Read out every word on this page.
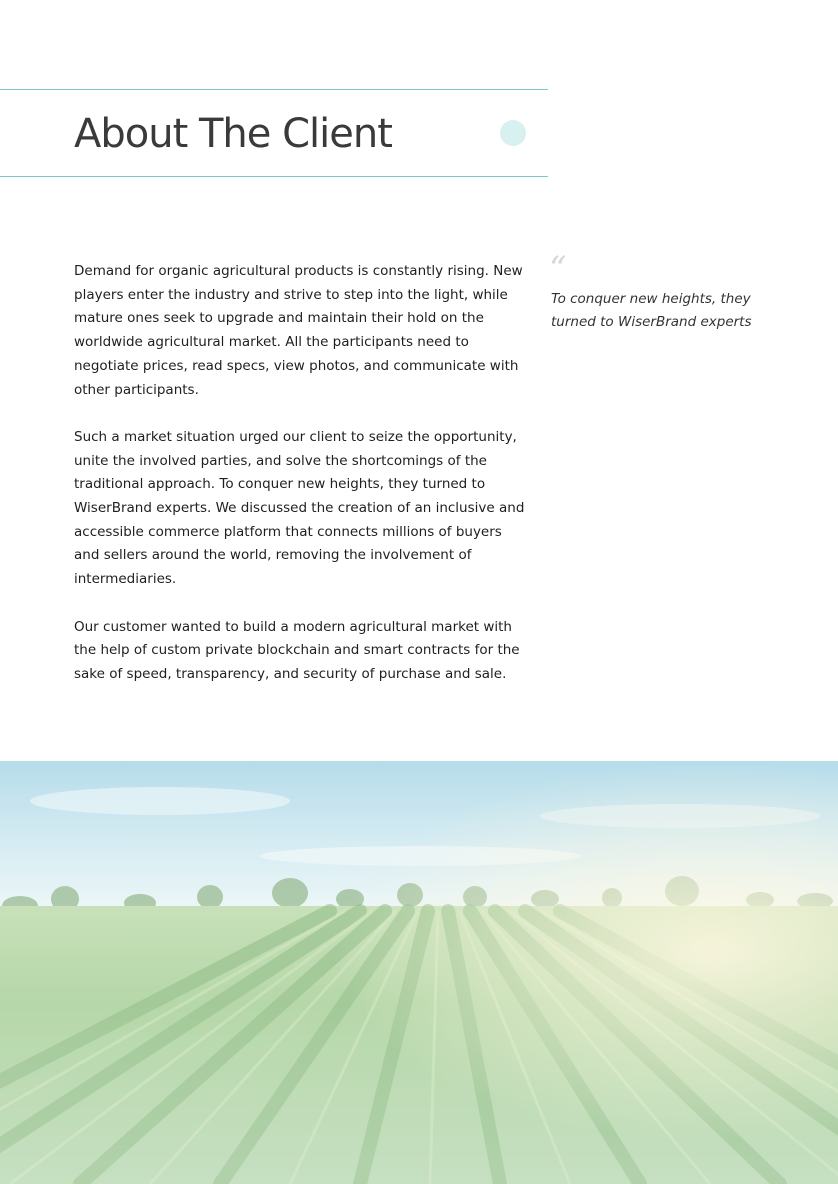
About The Client

Demand for organic agricultural products is constantly rising. New players enter the industry and strive to step into the light, while mature ones seek to upgrade and maintain their hold on the worldwide agricultural market. All the participants need to negotiate prices, read specs, view photos, and communicate with other participants.

Such a market situation urged our client to seize the opportunity, unite the involved parties, and solve the shortcomings of the traditional approach. To conquer new heights, they turned to WiserBrand experts. We discussed the creation of an inclusive and accessible commerce platform that connects millions of buyers and sellers around the world, removing the involvement of intermediaries.

Our customer wanted to build a modern agricultural market with the help of custom private blockchain and smart contracts for the sake of speed, transparency, and security of purchase and sale.

“
To conquer new heights, they turned to WiserBrand experts
